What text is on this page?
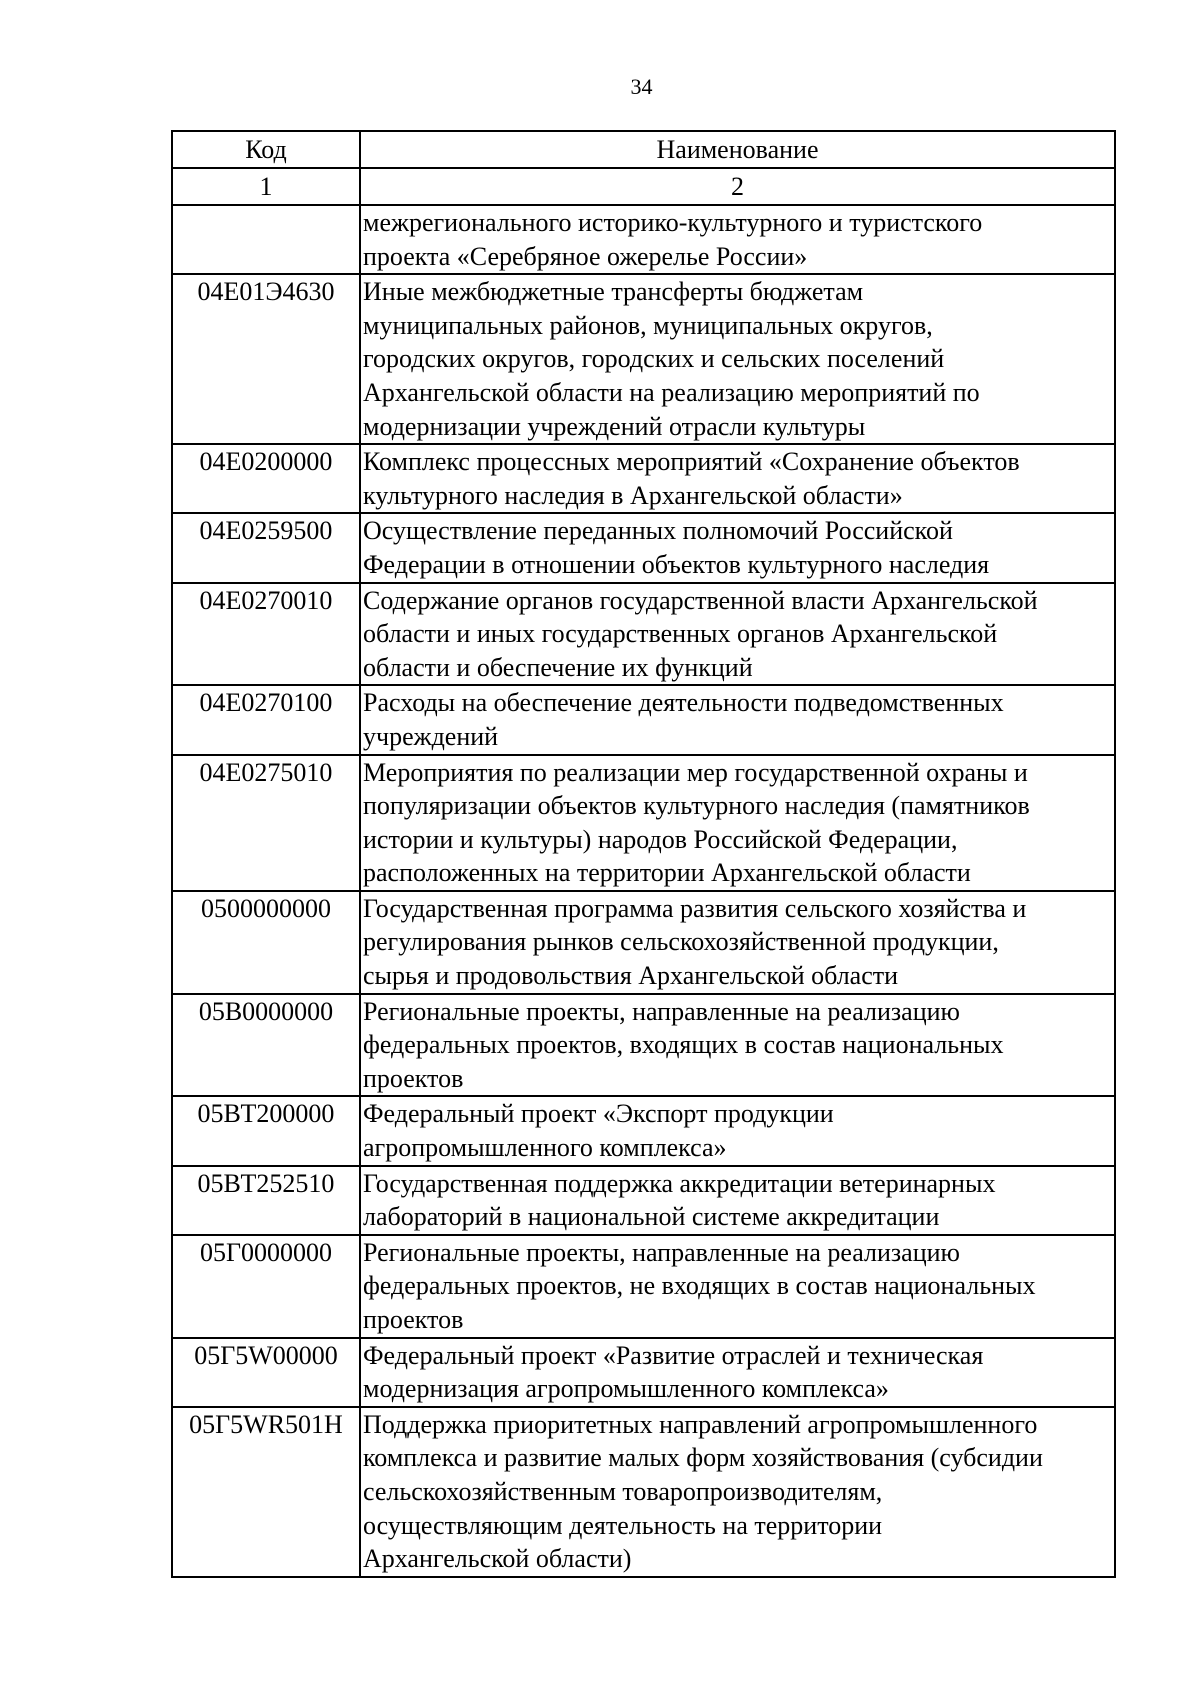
34
Код	Наименование
1	2

	межрегионального историко-культурного и туристского
проекта «Серебряное ожерелье России»

04Е01Э4630	Иные межбюджетные трансферты бюджетам
муниципальных районов, муниципальных округов,
городских округов, городских и сельских поселений
Архангельской области на реализацию мероприятий по
модернизации учреждений отрасли культуры

04Е0200000	Комплекс процессных мероприятий «Сохранение объектов
культурного наследия в Архангельской области»

04Е0259500	Осуществление переданных полномочий Российской
Федерации в отношении объектов культурного наследия

04Е0270010	Содержание органов государственной власти Архангельской
области и иных государственных органов Архангельской
области и обеспечение их функций

04Е0270100	Расходы на обеспечение деятельности подведомственных
учреждений

04Е0275010	Мероприятия по реализации мер государственной охраны и
популяризации объектов культурного наследия (памятников
истории и культуры) народов Российской Федерации,
расположенных на территории Архангельской области

0500000000	Государственная программа развития сельского хозяйства и
регулирования рынков сельскохозяйственной продукции,
сырья и продовольствия Архангельской области

05В0000000	Региональные проекты, направленные на реализацию
федеральных проектов, входящих в состав национальных
проектов

05ВТ200000	Федеральный проект «Экспорт продукции
агропромышленного комплекса»

05ВТ252510	Государственная поддержка аккредитации ветеринарных
лабораторий в национальной системе аккредитации

05Г0000000	Региональные проекты, направленные на реализацию
федеральных проектов, не входящих в состав национальных
проектов

05Г5W00000	Федеральный проект «Развитие отраслей и техническая
модернизация агропромышленного комплекса»

05Г5WR501Н	Поддержка приоритетных направлений агропромышленного
комплекса и развитие малых форм хозяйствования (субсидии
сельскохозяйственным товаропроизводителям,
осуществляющим деятельность на территории
Архангельской области)
